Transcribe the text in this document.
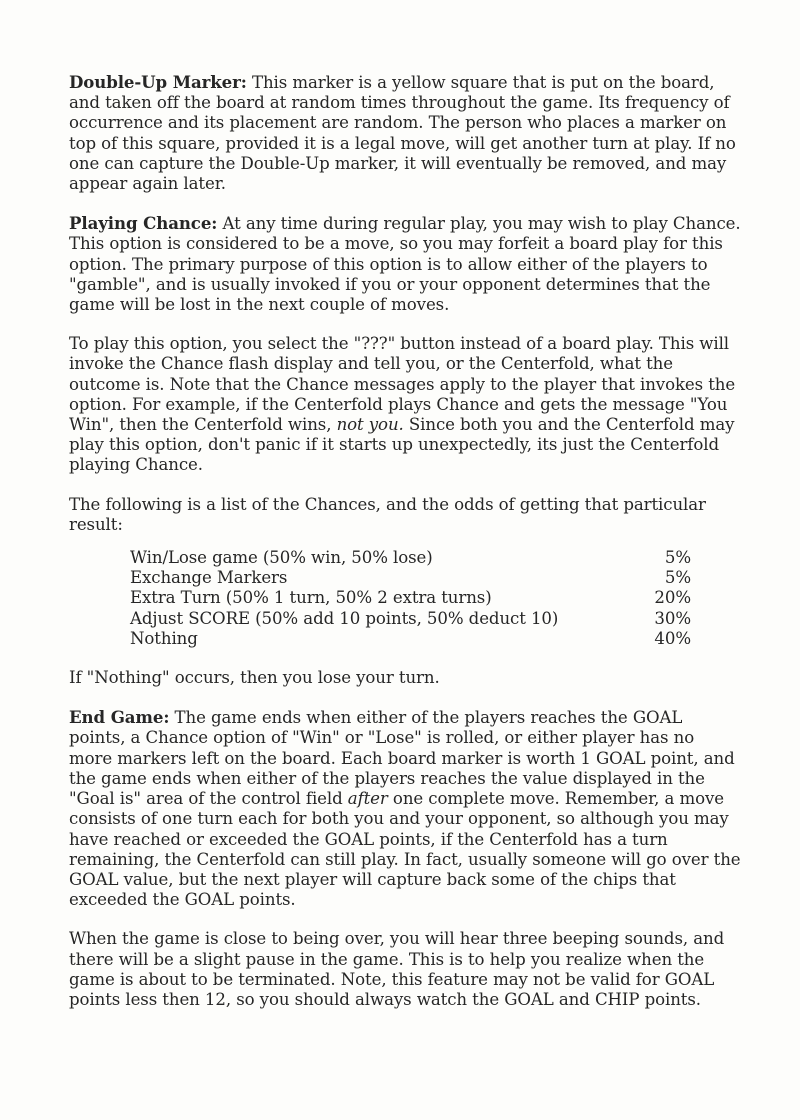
Double-Up Marker: This marker is a yellow square that is put on the board, and taken off the board at random times throughout the game. Its frequency of occurrence and its placement are random. The person who places a marker on top of this square, provided it is a legal move, will get another turn at play. If no one can capture the Double-Up marker, it will eventually be removed, and may appear again later.

Playing Chance: At any time during regular play, you may wish to play Chance. This option is considered to be a move, so you may forfeit a board play for this option. The primary purpose of this option is to allow either of the players to "gamble", and is usually invoked if you or your opponent determines that the game will be lost in the next couple of moves.

To play this option, you select the "???" button instead of a board play. This will invoke the Chance flash display and tell you, or the Centerfold, what the outcome is. Note that the Chance messages apply to the player that invokes the option. For example, if the Centerfold plays Chance and gets the message "You Win", then the Centerfold wins, not you. Since both you and the Centerfold may play this option, don't panic if it starts up unexpectedly, its just the Centerfold playing Chance.

The following is a list of the Chances, and the odds of getting that particular result:

Win/Lose game (50% win, 50% lose)	5%
Exchange Markers	5%
Extra Turn (50% 1 turn, 50% 2 extra turns)	20%
Adjust SCORE (50% add 10 points, 50% deduct 10)	30%
Nothing	40%

If "Nothing" occurs, then you lose your turn.

End Game: The game ends when either of the players reaches the GOAL points, a Chance option of "Win" or "Lose" is rolled, or either player has no more markers left on the board. Each board marker is worth 1 GOAL point, and the game ends when either of the players reaches the value displayed in the "Goal is" area of the control field after one complete move. Remember, a move consists of one turn each for both you and your opponent, so although you may have reached or exceeded the GOAL points, if the Centerfold has a turn remaining, the Centerfold can still play. In fact, usually someone will go over the GOAL value, but the next player will capture back some of the chips that exceeded the GOAL points.

When the game is close to being over, you will hear three beeping sounds, and there will be a slight pause in the game. This is to help you realize when the game is about to be terminated. Note, this feature may not be valid for GOAL points less then 12, so you should always watch the GOAL and CHIP points.
